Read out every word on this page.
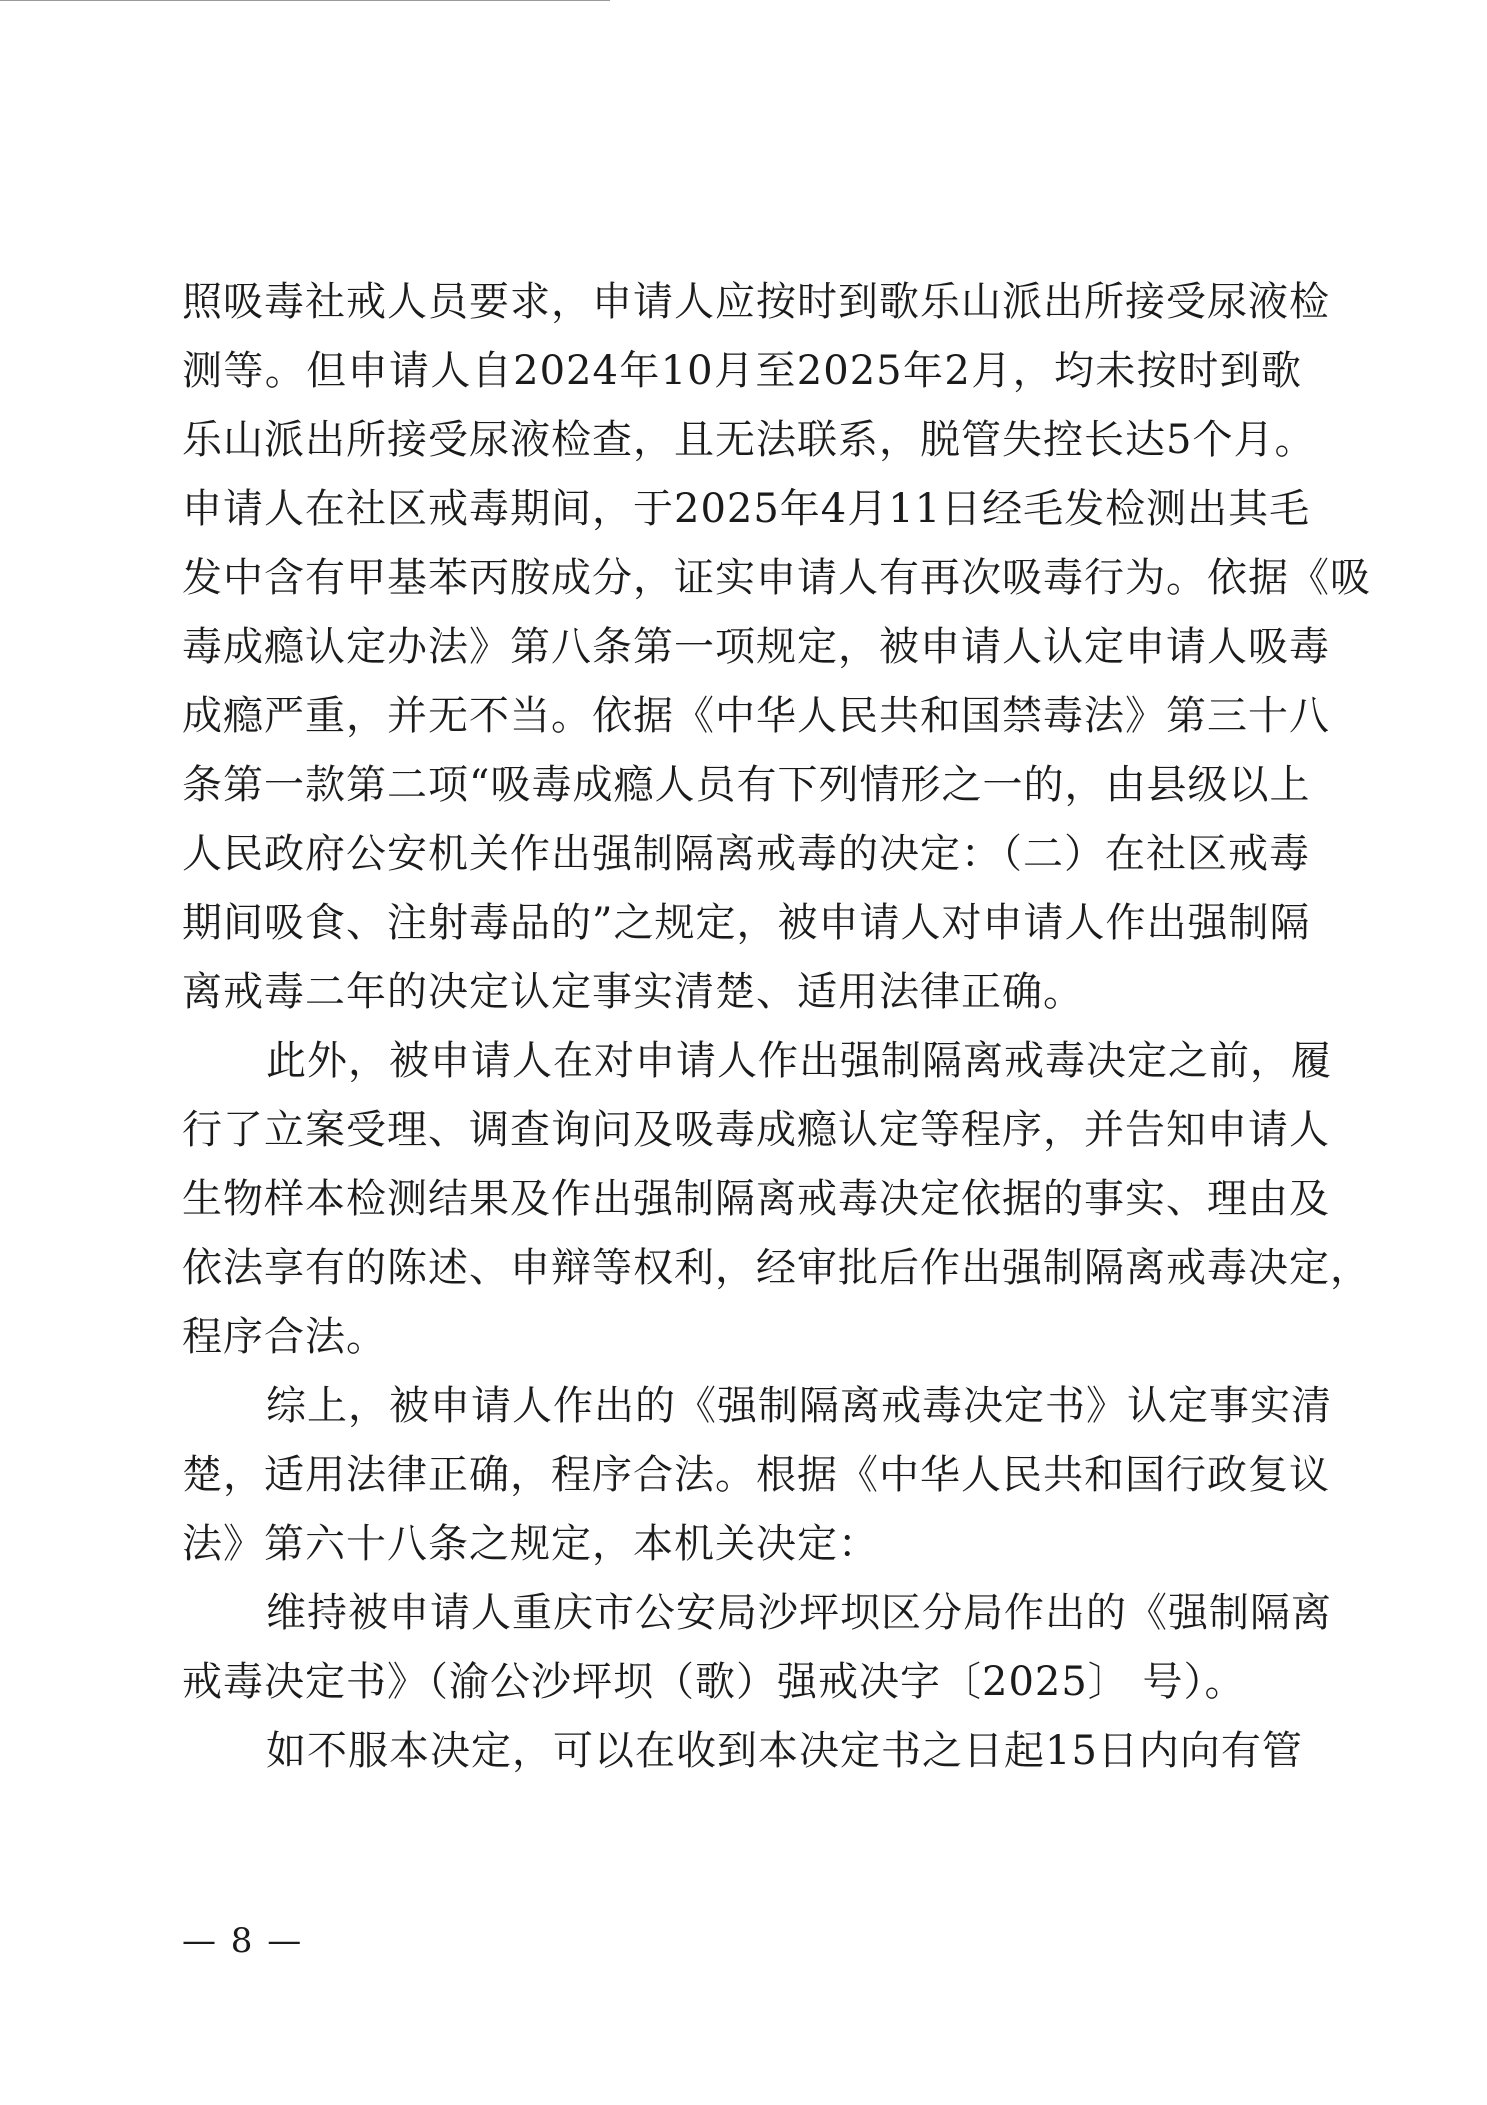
照吸毒社戒人员要求，申请人应按时到歌乐山派出所接受尿液检
测等。但申请人自2024年10月至2025年2月，均未按时到歌
乐山派出所接受尿液检查，且无法联系，脱管失控长达5个月。
申请人在社区戒毒期间，于2025年4月11日经毛发检测出其毛
发中含有甲基苯丙胺成分，证实申请人有再次吸毒行为。依据《吸
毒成瘾认定办法》第八条第一项规定，被申请人认定申请人吸毒
成瘾严重，并无不当。依据《中华人民共和国禁毒法》第三十八
条第一款第二项“吸毒成瘾人员有下列情形之一的，由县级以上
人民政府公安机关作出强制隔离戒毒的决定：（二）在社区戒毒
期间吸食、注射毒品的”之规定，被申请人对申请人作出强制隔
离戒毒二年的决定认定事实清楚、适用法律正确。
此外，被申请人在对申请人作出强制隔离戒毒决定之前，履
行了立案受理、调查询问及吸毒成瘾认定等程序，并告知申请人
生物样本检测结果及作出强制隔离戒毒决定依据的事实、理由及
依法享有的陈述、申辩等权利，经审批后作出强制隔离戒毒决定，
程序合法。
综上，被申请人作出的《强制隔离戒毒决定书》认定事实清
楚，适用法律正确，程序合法。根据《中华人民共和国行政复议
法》第六十八条之规定，本机关决定：
维持被申请人重庆市公安局沙坪坝区分局作出的《强制隔离
戒毒决定书》（渝公沙坪坝（歌）强戒决字〔2025〕 号）。
如不服本决定，可以在收到本决定书之日起15日内向有管
— 8 —
